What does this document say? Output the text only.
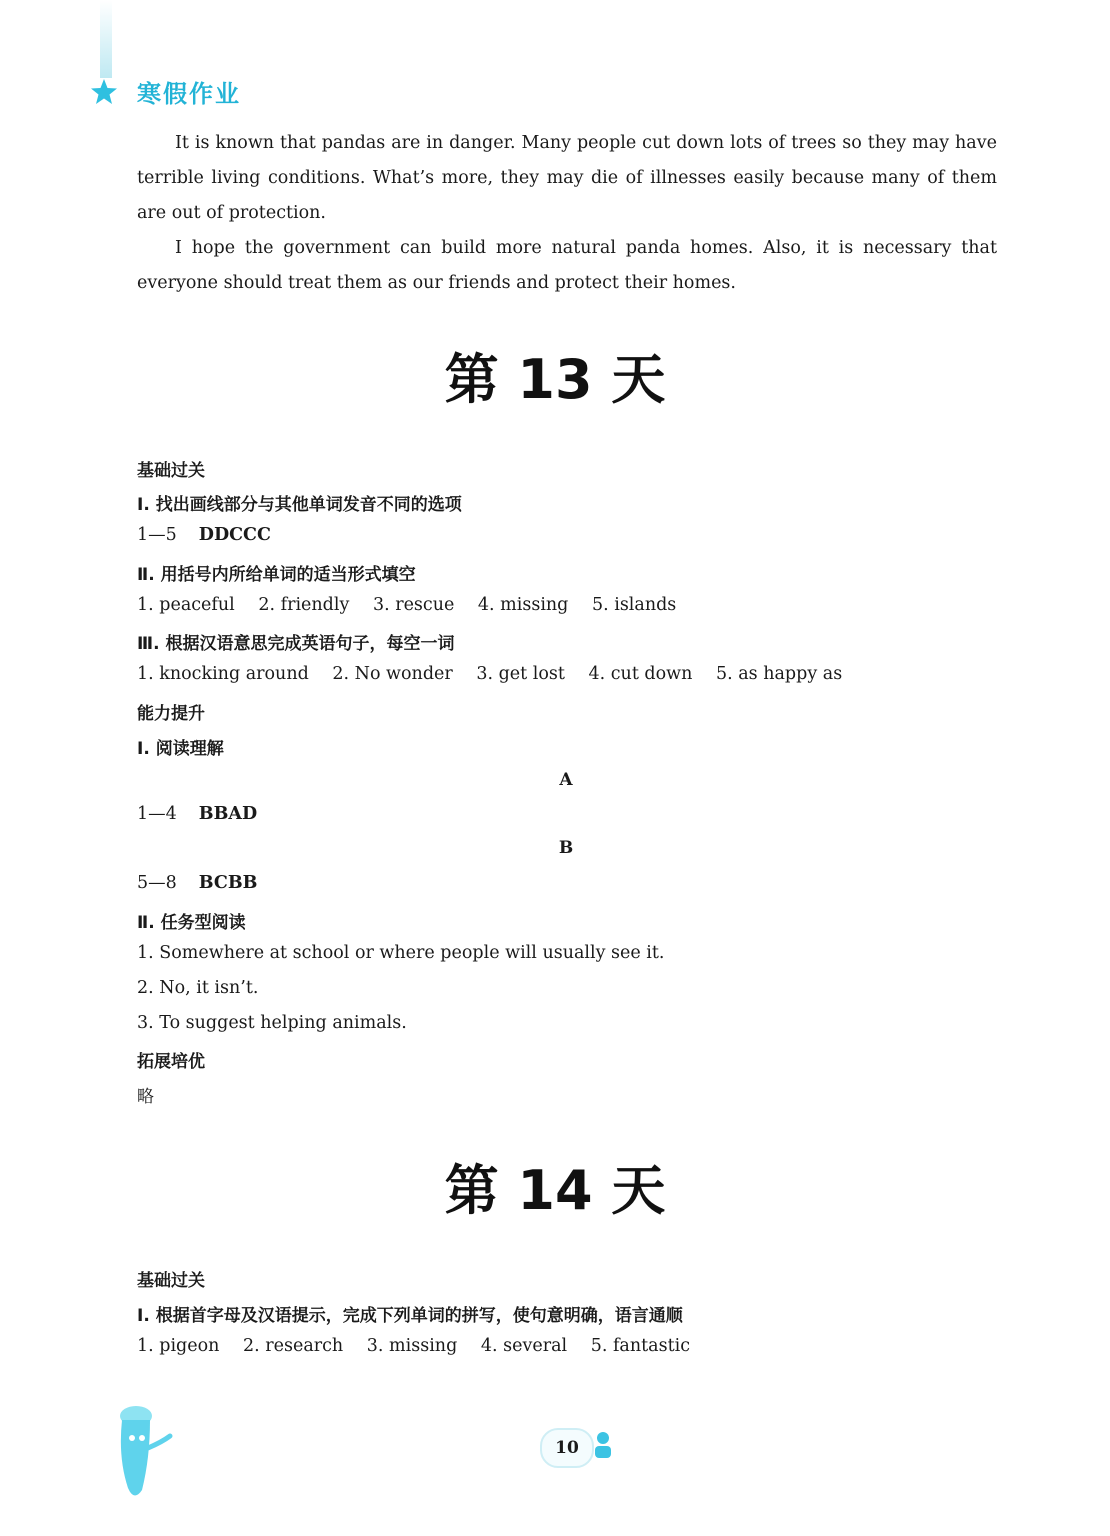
寒假作业

It is known that pandas are in danger. Many people cut down lots of trees so they may have terrible living conditions. What’s more, they may die of illnesses easily because many of them are out of protection.

I hope the government can build more natural panda homes. Also, it is necessary that everyone should treat them as our friends and protect their homes.

第 13 天
基础过关
Ⅰ. 找出画线部分与其他单词发音不同的选项
1—5 DDCCC
Ⅱ. 用括号内所给单词的适当形式填空
1. peaceful 2. friendly 3. rescue 4. missing 5. islands
Ⅲ. 根据汉语意思完成英语句子，每空一词
1. knocking around 2. No wonder 3. get lost 4. cut down 5. as happy as
能力提升
Ⅰ. 阅读理解
A
1—4 BBAD
B
5—8 BCBB
Ⅱ. 任务型阅读
1. Somewhere at school or where people will usually see it.
2. No, it isn’t.
3. To suggest helping animals.
拓展培优
略
第 14 天
基础过关
Ⅰ. 根据首字母及汉语提示，完成下列单词的拼写，使句意明确，语言通顺
1. pigeon 2. research 3. missing 4. several 5. fantastic
10
